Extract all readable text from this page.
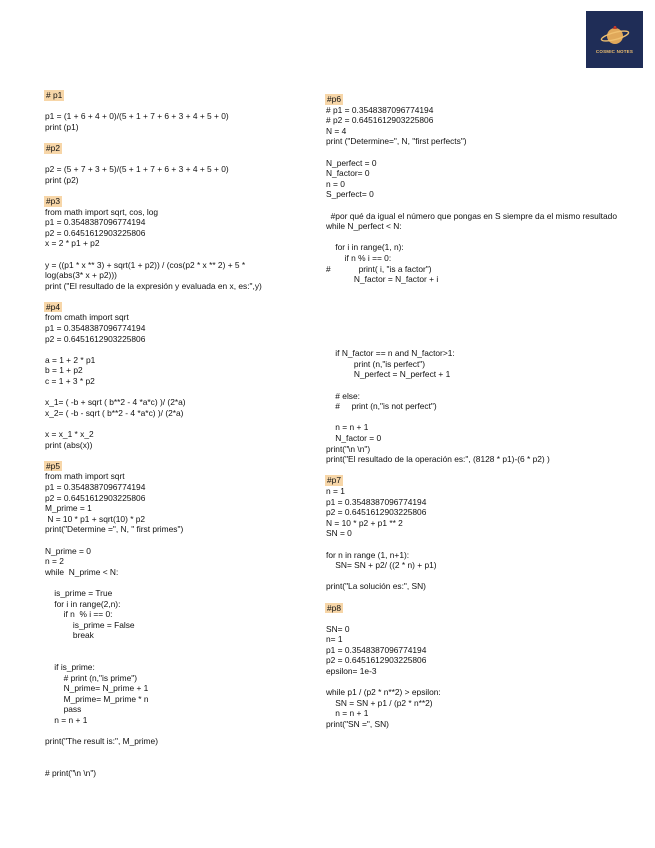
COSMIC NOTES
# p1
p1 = (1 + 6 + 4 + 0)/(5 + 1 + 7 + 6 + 3 + 4 + 5 + 0)
print (p1)
#p2
p2 = (5 + 7 + 3 + 5)/(5 + 1 + 7 + 6 + 3 + 4 + 5 + 0)
print (p2)
#p3
from math import sqrt, cos, log
p1 = 0.3548387096774194
p2 = 0.6451612903225806
x = 2 * p1 + p2
y = ((p1 * x ** 3) + sqrt(1 + p2)) / (cos(p2 * x ** 2) + 5 *
log(abs(3* x + p2)))
print ("El resultado de la expresión y evaluada en x, es:",y)
#p4
from cmath import sqrt
p1 = 0.3548387096774194
p2 = 0.6451612903225806
a = 1 + 2 * p1
b = 1 + p2
c = 1 + 3 * p2
x_1= ( -b + sqrt ( b**2 - 4 *a*c) )/ (2*a)
x_2= ( -b - sqrt ( b**2 - 4 *a*c) )/ (2*a)
x = x_1 * x_2
print (abs(x))
#p5
from math import sqrt
p1 = 0.3548387096774194
p2 = 0.6451612903225806
M_prime = 1
N = 10 * p1 + sqrt(10) * p2
print("Determine =", N, " first primes")
N_prime = 0
n = 2
while  N_prime < N:
is_prime = True
for i in range(2,n):
if n  % i == 0:
is_prime = False
break
if is_prime:
# print (n,"is prime")
N_prime= N_prime + 1
M_prime= M_prime * n
pass
n = n + 1
print("The result is:", M_prime)
# print("\n \n")
#p6
# p1 = 0.3548387096774194
# p2 = 0.6451612903225806
N = 4
print ("Determine=", N, "first perfects")
N_perfect = 0
N_factor= 0
n = 0
S_perfect= 0
#por qué da igual el número que pongas en S siempre da el mismo resultado
while N_perfect < N:
for i in range(1, n):
if n % i == 0:
#            print( i, "is a factor")
N_factor = N_factor + i
if N_factor == n and N_factor>1:
print (n,"is perfect")
N_perfect = N_perfect + 1
# else:
#     print (n,"is not perfect")
n = n + 1
N_factor = 0
print("\n \n")
print("El resultado de la operación es:", (8128 * p1)-(6 * p2) )
#p7
n = 1
p1 = 0.3548387096774194
p2 = 0.6451612903225806
N = 10 * p2 + p1 ** 2
SN = 0
for n in range (1, n+1):
SN= SN + p2/ ((2 * n) + p1)
print("La solución es:", SN)
#p8
SN= 0
n= 1
p1 = 0.3548387096774194
p2 = 0.6451612903225806
epsilon= 1e-3
while p1 / (p2 * n**2) > epsilon:
SN = SN + p1 / (p2 * n**2)
n = n + 1
print("SN =", SN)
